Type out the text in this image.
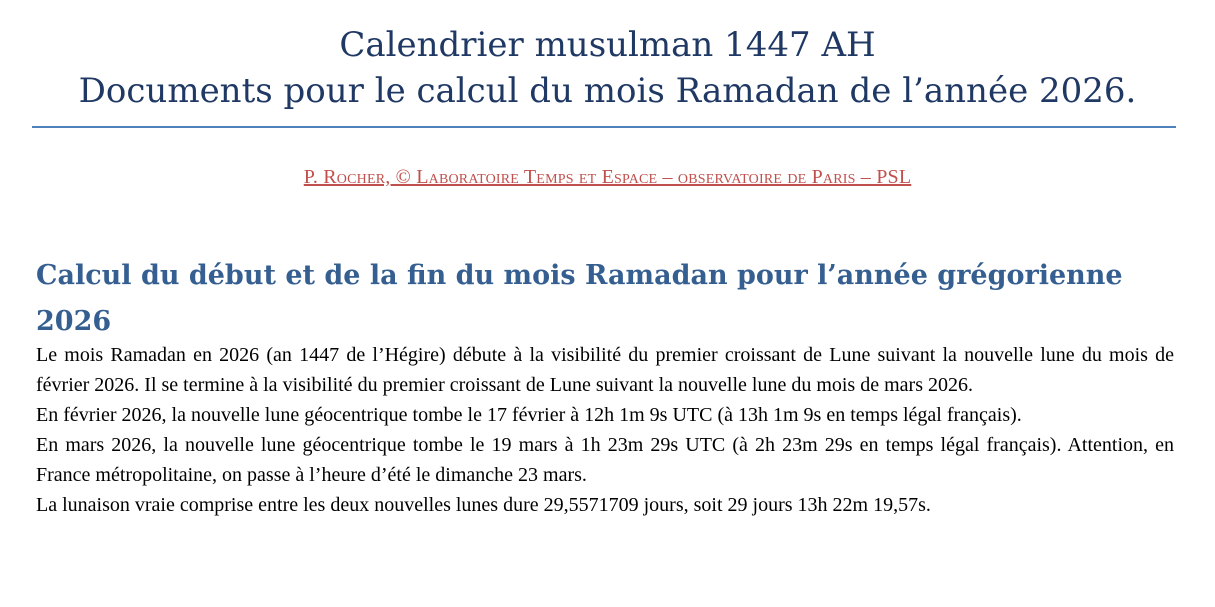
Calendrier musulman 1447 AH
Documents pour le calcul du mois Ramadan de l’année 2026.
P. Rocher, © Laboratoire Temps et Espace – observatoire de Paris – PSL
Calcul du début et de la fin du mois Ramadan pour l’année grégorienne 2026

Le mois Ramadan en 2026 (an 1447 de l’Hégire) débute à la visibilité du premier croissant de Lune suivant la nouvelle lune du mois de février 2026. Il se termine à la visibilité du premier croissant de Lune suivant la nouvelle lune du mois de mars 2026.

En février 2026, la nouvelle lune géocentrique tombe le 17 février à 12h 1m 9s UTC (à 13h 1m 9s en temps légal français).

En mars 2026, la nouvelle lune géocentrique tombe le 19 mars à 1h 23m 29s UTC (à 2h 23m 29s en temps légal français). Attention, en France métropolitaine, on passe à l’heure d’été le dimanche 23 mars.

La lunaison vraie comprise entre les deux nouvelles lunes dure 29,5571709 jours, soit 29 jours 13h 22m 19,57s.
